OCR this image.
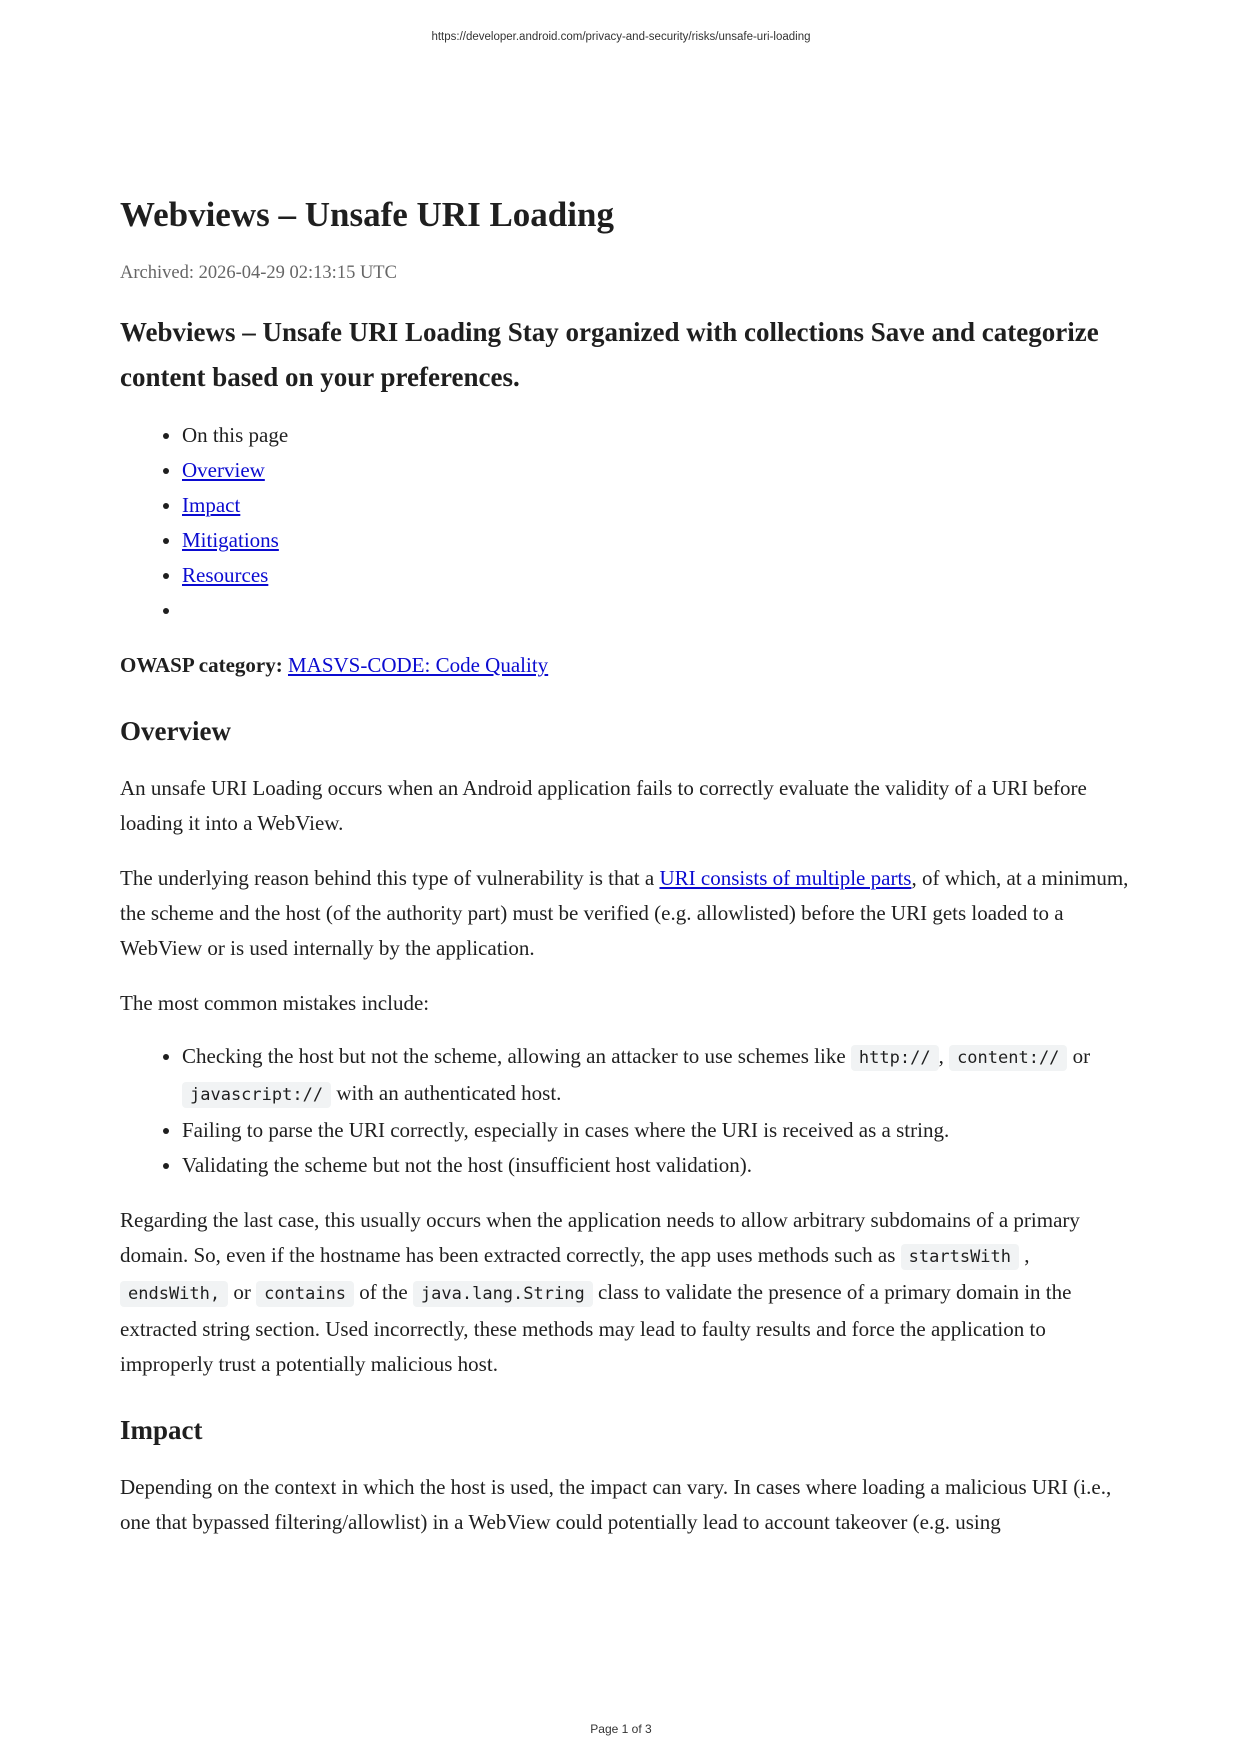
https://developer.android.com/privacy-and-security/risks/unsafe-uri-loading
Webviews – Unsafe URI Loading
Archived: 2026-04-29 02:13:15 UTC
Webviews – Unsafe URI Loading Stay organized with collections Save and categorize content based on your preferences.
• On this page
• Overview
• Impact
• Mitigations
• Resources
•

OWASP category: MASVS-CODE: Code Quality

Overview

An unsafe URI Loading occurs when an Android application fails to correctly evaluate the validity of a URI before loading it into a WebView.

The underlying reason behind this type of vulnerability is that a URI consists of multiple parts, of which, at a minimum, the scheme and the host (of the authority part) must be verified (e.g. allowlisted) before the URI gets loaded to a WebView or is used internally by the application.

The most common mistakes include:

• Checking the host but not the scheme, allowing an attacker to use schemes like http:// , content:// or javascript:// with an authenticated host.
• Failing to parse the URI correctly, especially in cases where the URI is received as a string.
• Validating the scheme but not the host (insufficient host validation).

Regarding the last case, this usually occurs when the application needs to allow arbitrary subdomains of a primary domain. So, even if the hostname has been extracted correctly, the app uses methods such as startsWith , endsWith, or contains of the java.lang.String class to validate the presence of a primary domain in the extracted string section. Used incorrectly, these methods may lead to faulty results and force the application to improperly trust a potentially malicious host.

Impact

Depending on the context in which the host is used, the impact can vary. In cases where loading a malicious URI (i.e., one that bypassed filtering/allowlist) in a WebView could potentially lead to account takeover (e.g. using

Page 1 of 3
